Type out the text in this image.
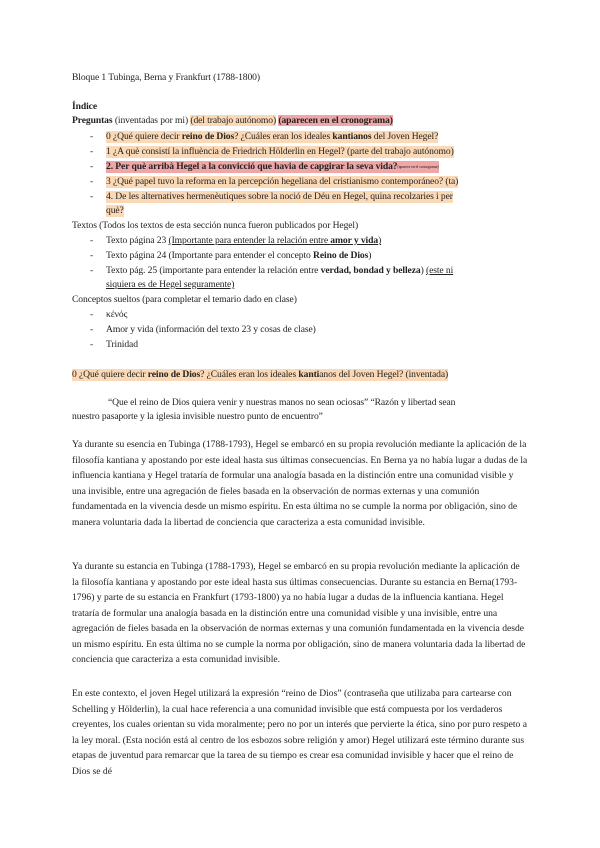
Bloque 1 Tubinga, Berna y Frankfurt (1788-1800)
Índice
Preguntas (inventadas por mi) (del trabajo autónomo) (aparecen en el cronograma)
- 0 ¿Qué quiere decir reino de Dios? ¿Cuáles eran los ideales kantianos del Joven Hegel?
- 1 ¿A què consistí la influència de Friedrich Hölderlin en Hegel? (parte del trabajo autónomo)
- 2. Per què arribà Hegel a la convicció que havia de capgirar la seva vida?(aparece en el cronograma)
- 3 ¿Qué papel tuvo la reforma en la percepción hegeliana del cristianismo contemporáneo? (ta)
- 4. De les alternatives hermenèutiques sobre la noció de Déu en Hegel, quina recolzaries i per
què?
Textos (Todos los textos de esta sección nunca fueron publicados por Hegel)
- Texto página 23 (Importante para entender la relación entre amor y vida)
- Texto página 24 (Importante para entender el concepto Reino de Dios)
- Texto pág. 25 (importante para entender la relación entre verdad, bondad y belleza) (este ni
siquiera es de Hegel seguramente)
Conceptos sueltos (para completar el temario dado en clase)
- κένός
- Amor y vida (información del texto 23 y cosas de clase)
- Trinidad
0 ¿Qué quiere decir reino de Dios? ¿Cuáles eran los ideales kantianos del Joven Hegel? (inventada)
“Que el reino de Dios quiera venir y nuestras manos no sean ociosas” “Razón y libertad sean
nuestro pasaporte y la iglesia invisible nuestro punto de encuentro”
Ya durante su esencia en Tubinga (1788-1793), Hegel se embarcó en su propia revolución mediante la aplicación de la filosofía kantiana y apostando por este ideal hasta sus últimas consecuencias. En Berna ya no había lugar a dudas de la influencia kantiana y Hegel trataría de formular una analogía basada en la distinción entre una comunidad visible y una invisible, entre una agregación de fieles basada en la observación de normas externas y una comunión fundamentada en la vivencia desde un mismo espíritu. En esta última no se cumple la norma por obligación, sino de manera voluntaria dada la libertad de conciencia que caracteriza a esta comunidad invisible.
Ya durante su estancia en Tubinga (1788-1793), Hegel se embarcó en su propia revolución mediante la aplicación de la filosofía kantiana y apostando por este ideal hasta sus últimas consecuencias. Durante su estancia en Berna(1793-1796) y parte de su estancia en Frankfurt (1793-1800) ya no había lugar a dudas de la influencia kantiana. Hegel trataría de formular una analogía basada en la distinción entre una comunidad visible y una invisible, entre una agregación de fieles basada en la observación de normas externas y una comunión fundamentada en la vivencia desde un mismo espíritu. En esta última no se cumple la norma por obligación, sino de manera voluntaria dada la libertad de conciencia que caracteriza a esta comunidad invisible.
En este contexto, el joven Hegel utilizará la expresión “reino de Dios” (contraseña que utilizaba para cartearse con Schelling y Hölderlin), la cual hace referencia a una comunidad invisible que está compuesta por los verdaderos creyentes, los cuales orientan su vida moralmente; pero no por un interés que pervierte la ética, sino por puro respeto a la ley moral. (Esta noción está al centro de los esbozos sobre religión y amor) Hegel utilizará este término durante sus etapas de juventud para remarcar que la tarea de su tiempo es crear esa comunidad invisible y hacer que el reino de Dios se dé
